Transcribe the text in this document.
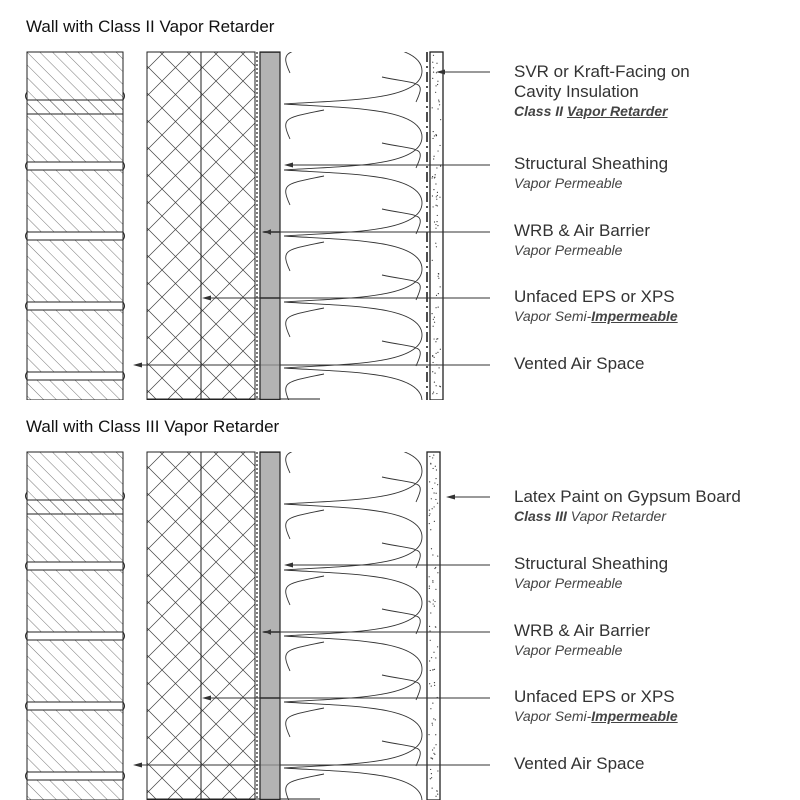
Wall with Class II Vapor Retarder
SVR or Kraft-Facing on
Cavity Insulation
Class II Vapor Retarder
Structural Sheathing
Vapor Permeable
WRB & Air Barrier
Vapor Permeable
Unfaced EPS or XPS
Vapor Semi-Impermeable
Vented Air Space
Wall with Class III Vapor Retarder
Latex Paint on Gypsum Board
Class III Vapor Retarder
Structural Sheathing
Vapor Permeable
WRB & Air Barrier
Vapor Permeable
Unfaced EPS or XPS
Vapor Semi-Impermeable
Vented Air Space
